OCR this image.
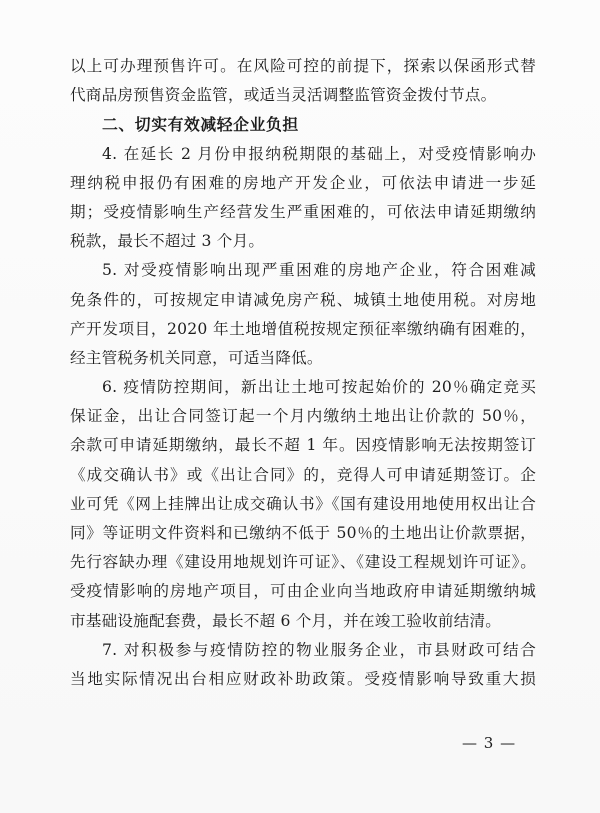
以上可办理预售许可。在风险可控的前提下，探索以保函形式替
代商品房预售资金监管，或适当灵活调整监管资金拨付节点。
二、切实有效减轻企业负担
4. 在延长 2 月份申报纳税期限的基础上，对受疫情影响办
理纳税申报仍有困难的房地产开发企业，可依法申请进一步延
期；受疫情影响生产经营发生严重困难的，可依法申请延期缴纳
税款，最长不超过 3 个月。
5. 对受疫情影响出现严重困难的房地产企业，符合困难减
免条件的，可按规定申请减免房产税、城镇土地使用税。对房地
产开发项目，2020 年土地增值税按规定预征率缴纳确有困难的，
经主管税务机关同意，可适当降低。
6. 疫情防控期间，新出让土地可按起始价的 20％确定竞买
保证金，出让合同签订起一个月内缴纳土地出让价款的 50％，
余款可申请延期缴纳，最长不超 1 年。因疫情影响无法按期签订
《成交确认书》或《出让合同》的，竞得人可申请延期签订。企
业可凭《网上挂牌出让成交确认书》《国有建设用地使用权出让合
同》等证明文件资料和已缴纳不低于 50％的土地出让价款票据，
先行容缺办理《建设用地规划许可证》、《建设工程规划许可证》。
受疫情影响的房地产项目，可由企业向当地政府申请延期缴纳城
市基础设施配套费，最长不超 6 个月，并在竣工验收前结清。
7. 对积极参与疫情防控的物业服务企业，市县财政可结合
当地实际情况出台相应财政补助政策。受疫情影响导致重大损
— 3 —
